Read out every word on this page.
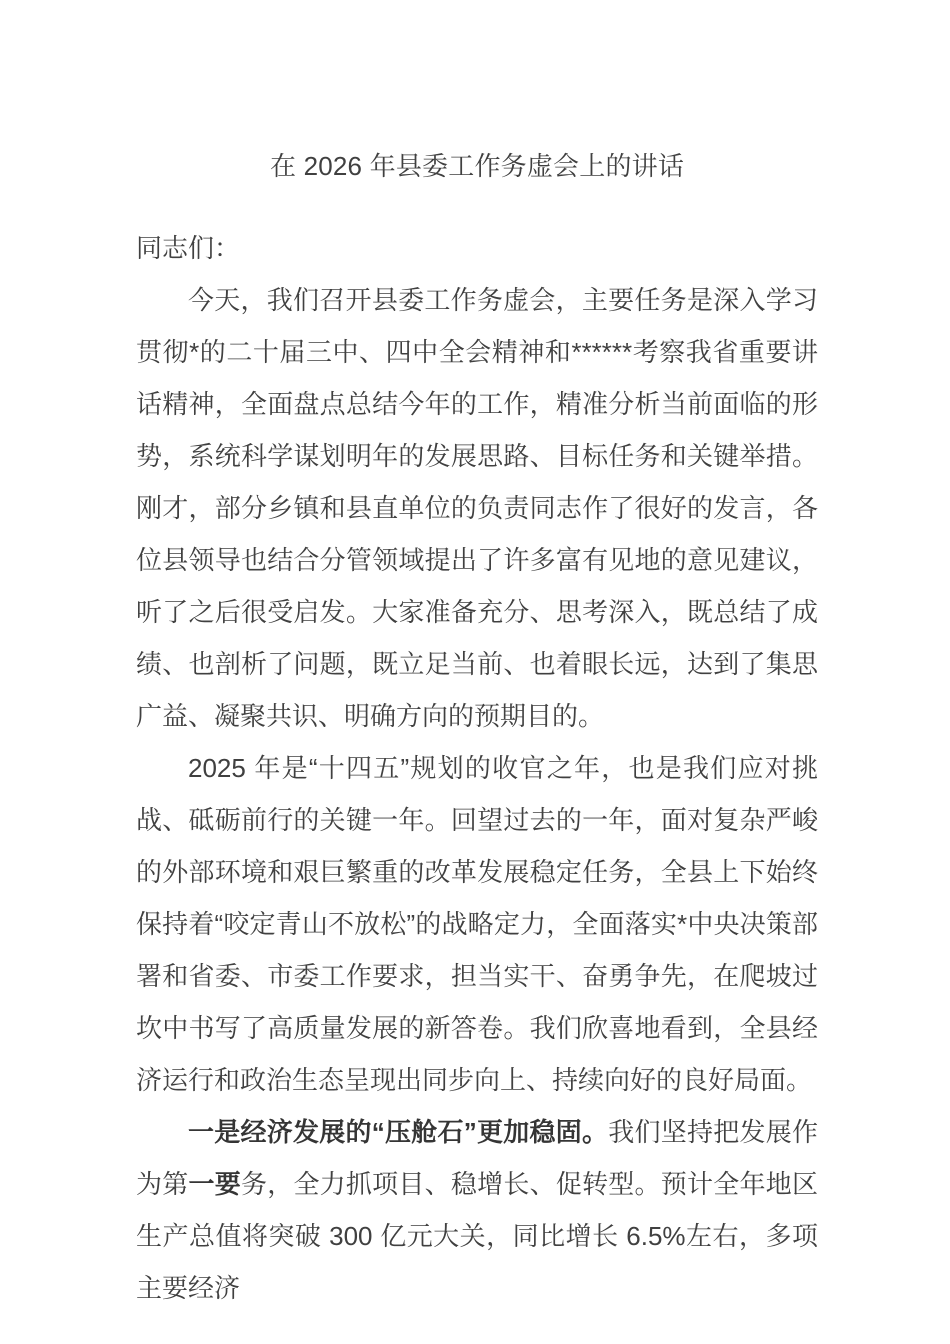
在 2026 年县委工作务虚会上的讲话

同志们：

今天，我们召开县委工作务虚会，主要任务是深入学习贯彻*的二十届三中、四中全会精神和******考察我省重要讲话精神，全面盘点总结今年的工作，精准分析当前面临的形势，系统科学谋划明年的发展思路、目标任务和关键举措。刚才，部分乡镇和县直单位的负责同志作了很好的发言，各位县领导也结合分管领域提出了许多富有见地的意见建议，听了之后很受启发。大家准备充分、思考深入，既总结了成绩、也剖析了问题，既立足当前、也着眼长远，达到了集思广益、凝聚共识、明确方向的预期目的。

2025 年是“十四五”规划的收官之年，也是我们应对挑战、砥砺前行的关键一年。回望过去的一年，面对复杂严峻的外部环境和艰巨繁重的改革发展稳定任务，全县上下始终保持着“咬定青山不放松”的战略定力，全面落实*中央决策部署和省委、市委工作要求，担当实干、奋勇争先，在爬坡过坎中书写了高质量发展的新答卷。我们欣喜地看到，全县经济运行和政治生态呈现出同步向上、持续向好的良好局面。

一是经济发展的“压舱石”更加稳固。我们坚持把发展作为第一要务，全力抓项目、稳增长、促转型。预计全年地区生产总值将突破 300 亿元大关，同比增长 6.5%左右，多项主要经济
